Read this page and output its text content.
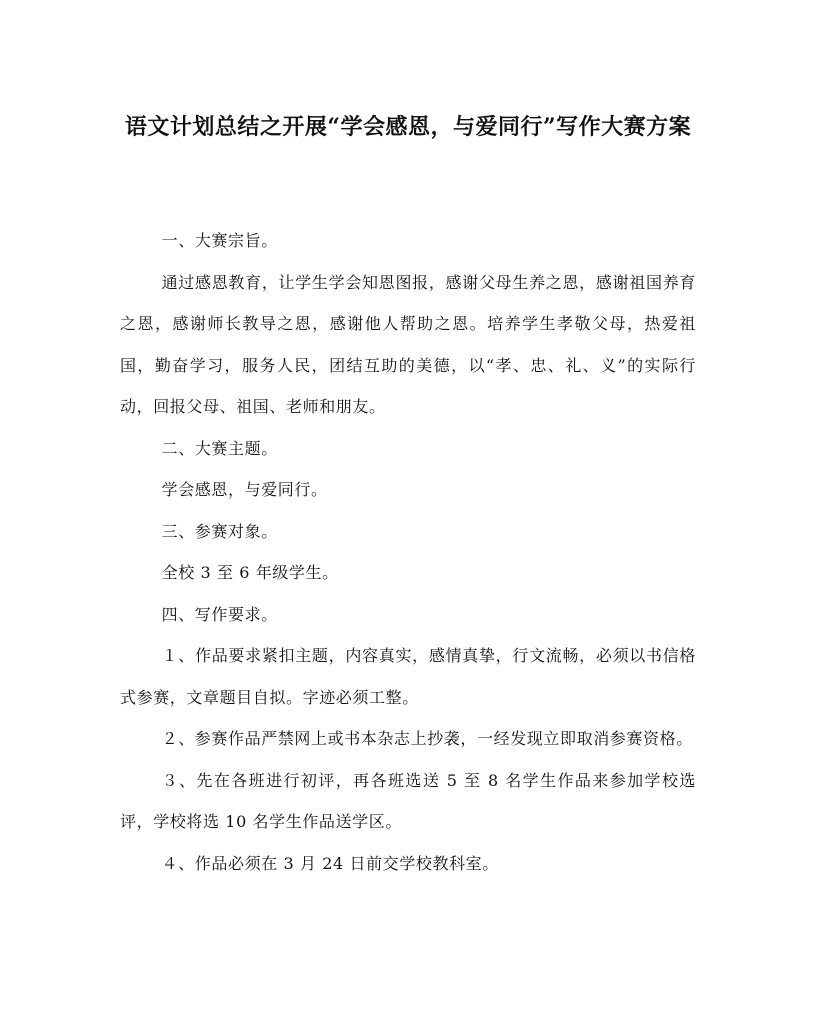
语文计划总结之开展“学会感恩，与爱同行”写作大赛方案

一、大赛宗旨。

通过感恩教育，让学生学会知恩图报，感谢父母生养之恩，感谢祖国养育之恩，感谢师长教导之恩，感谢他人帮助之恩。培养学生孝敬父母，热爱祖国，勤奋学习，服务人民，团结互助的美德，以“孝、忠、礼、义”的实际行动，回报父母、祖国、老师和朋友。

二、大赛主题。

学会感恩，与爱同行。

三、参赛对象。

全校 3 至 6 年级学生。

四、写作要求。

１、作品要求紧扣主题，内容真实，感情真挚，行文流畅，必须以书信格式参赛，文章题目自拟。字迹必须工整。

２、参赛作品严禁网上或书本杂志上抄袭，一经发现立即取消参赛资格。

３、先在各班进行初评，再各班选送 5 至 8 名学生作品来参加学校选评，学校将选 10 名学生作品送学区。

４、作品必须在 3 月 24 日前交学校教科室。
